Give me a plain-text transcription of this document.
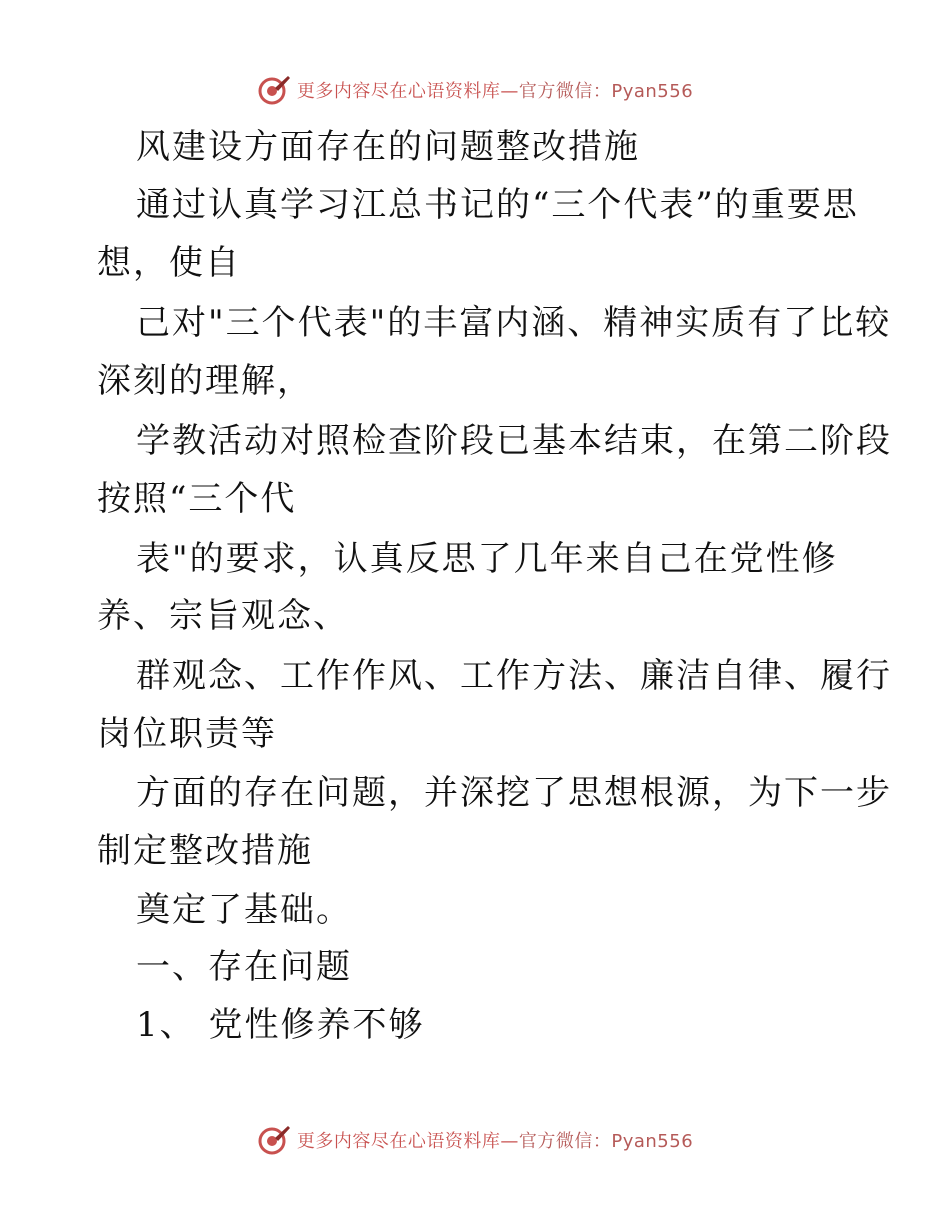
更多内容尽在心语资料库—官方微信：Pyan556
风建设方面存在的问题整改措施
通过认真学习江总书记的“三个代表”的重要思
想，使自
己对"三个代表"的丰富内涵、精神实质有了比较
深刻的理解，
学教活动对照检查阶段已基本结束，在第二阶段
按照“三个代
表"的要求，认真反思了几年来自己在党性修
养、宗旨观念、
群观念、工作作风、工作方法、廉洁自律、履行
岗位职责等
方面的存在问题，并深挖了思想根源，为下一步
制定整改措施
奠定了基础。
一、存在问题
1、 党性修养不够
更多内容尽在心语资料库—官方微信：Pyan556
